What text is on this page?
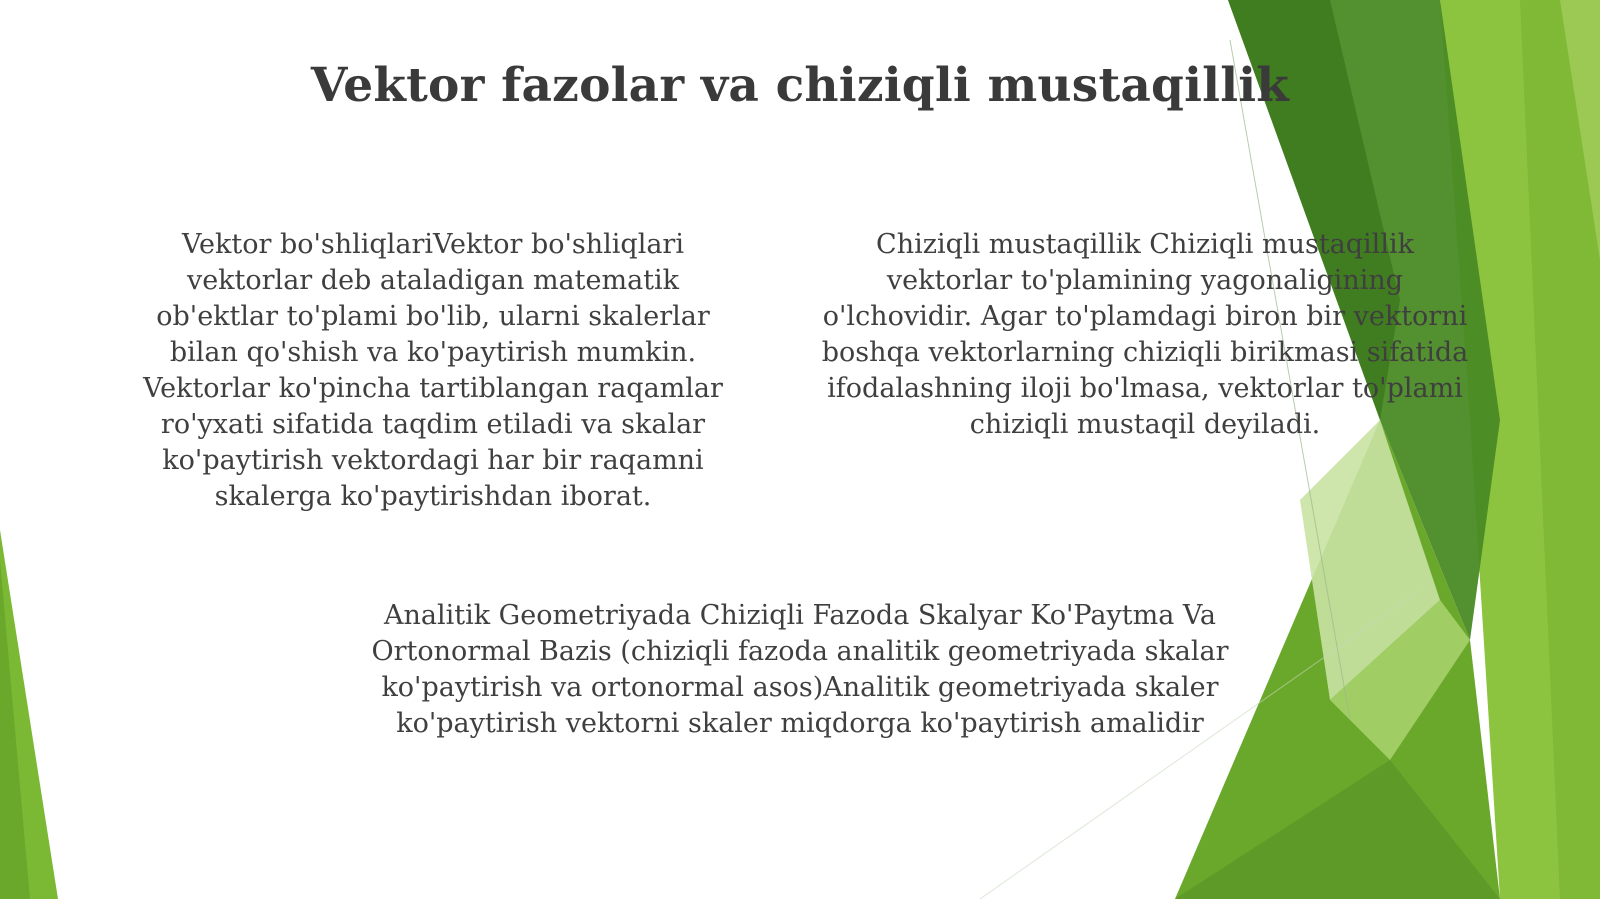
Vektor fazolar va chiziqli mustaqillik
Vektor bo'shliqlariVektor bo'shliqlari
vektorlar deb ataladigan matematik
ob'ektlar to'plami bo'lib, ularni skalerlar
bilan qo'shish va ko'paytirish mumkin.
Vektorlar ko'pincha tartiblangan raqamlar
ro'yxati sifatida taqdim etiladi va skalar
ko'paytirish vektordagi har bir raqamni
skalerga ko'paytirishdan iborat.
Chiziqli mustaqillik Chiziqli mustaqillik
vektorlar to'plamining yagonaligining
o'lchovidir. Agar to'plamdagi biron bir vektorni
boshqa vektorlarning chiziqli birikmasi sifatida
ifodalashning iloji bo'lmasa, vektorlar to'plami
chiziqli mustaqil deyiladi.
Analitik Geometriyada Chiziqli Fazoda Skalyar Ko'Paytma Va
Ortonormal Bazis (chiziqli fazoda analitik geometriyada skalar
ko'paytirish va ortonormal asos)Analitik geometriyada skaler
ko'paytirish vektorni skaler miqdorga ko'paytirish amalidir
